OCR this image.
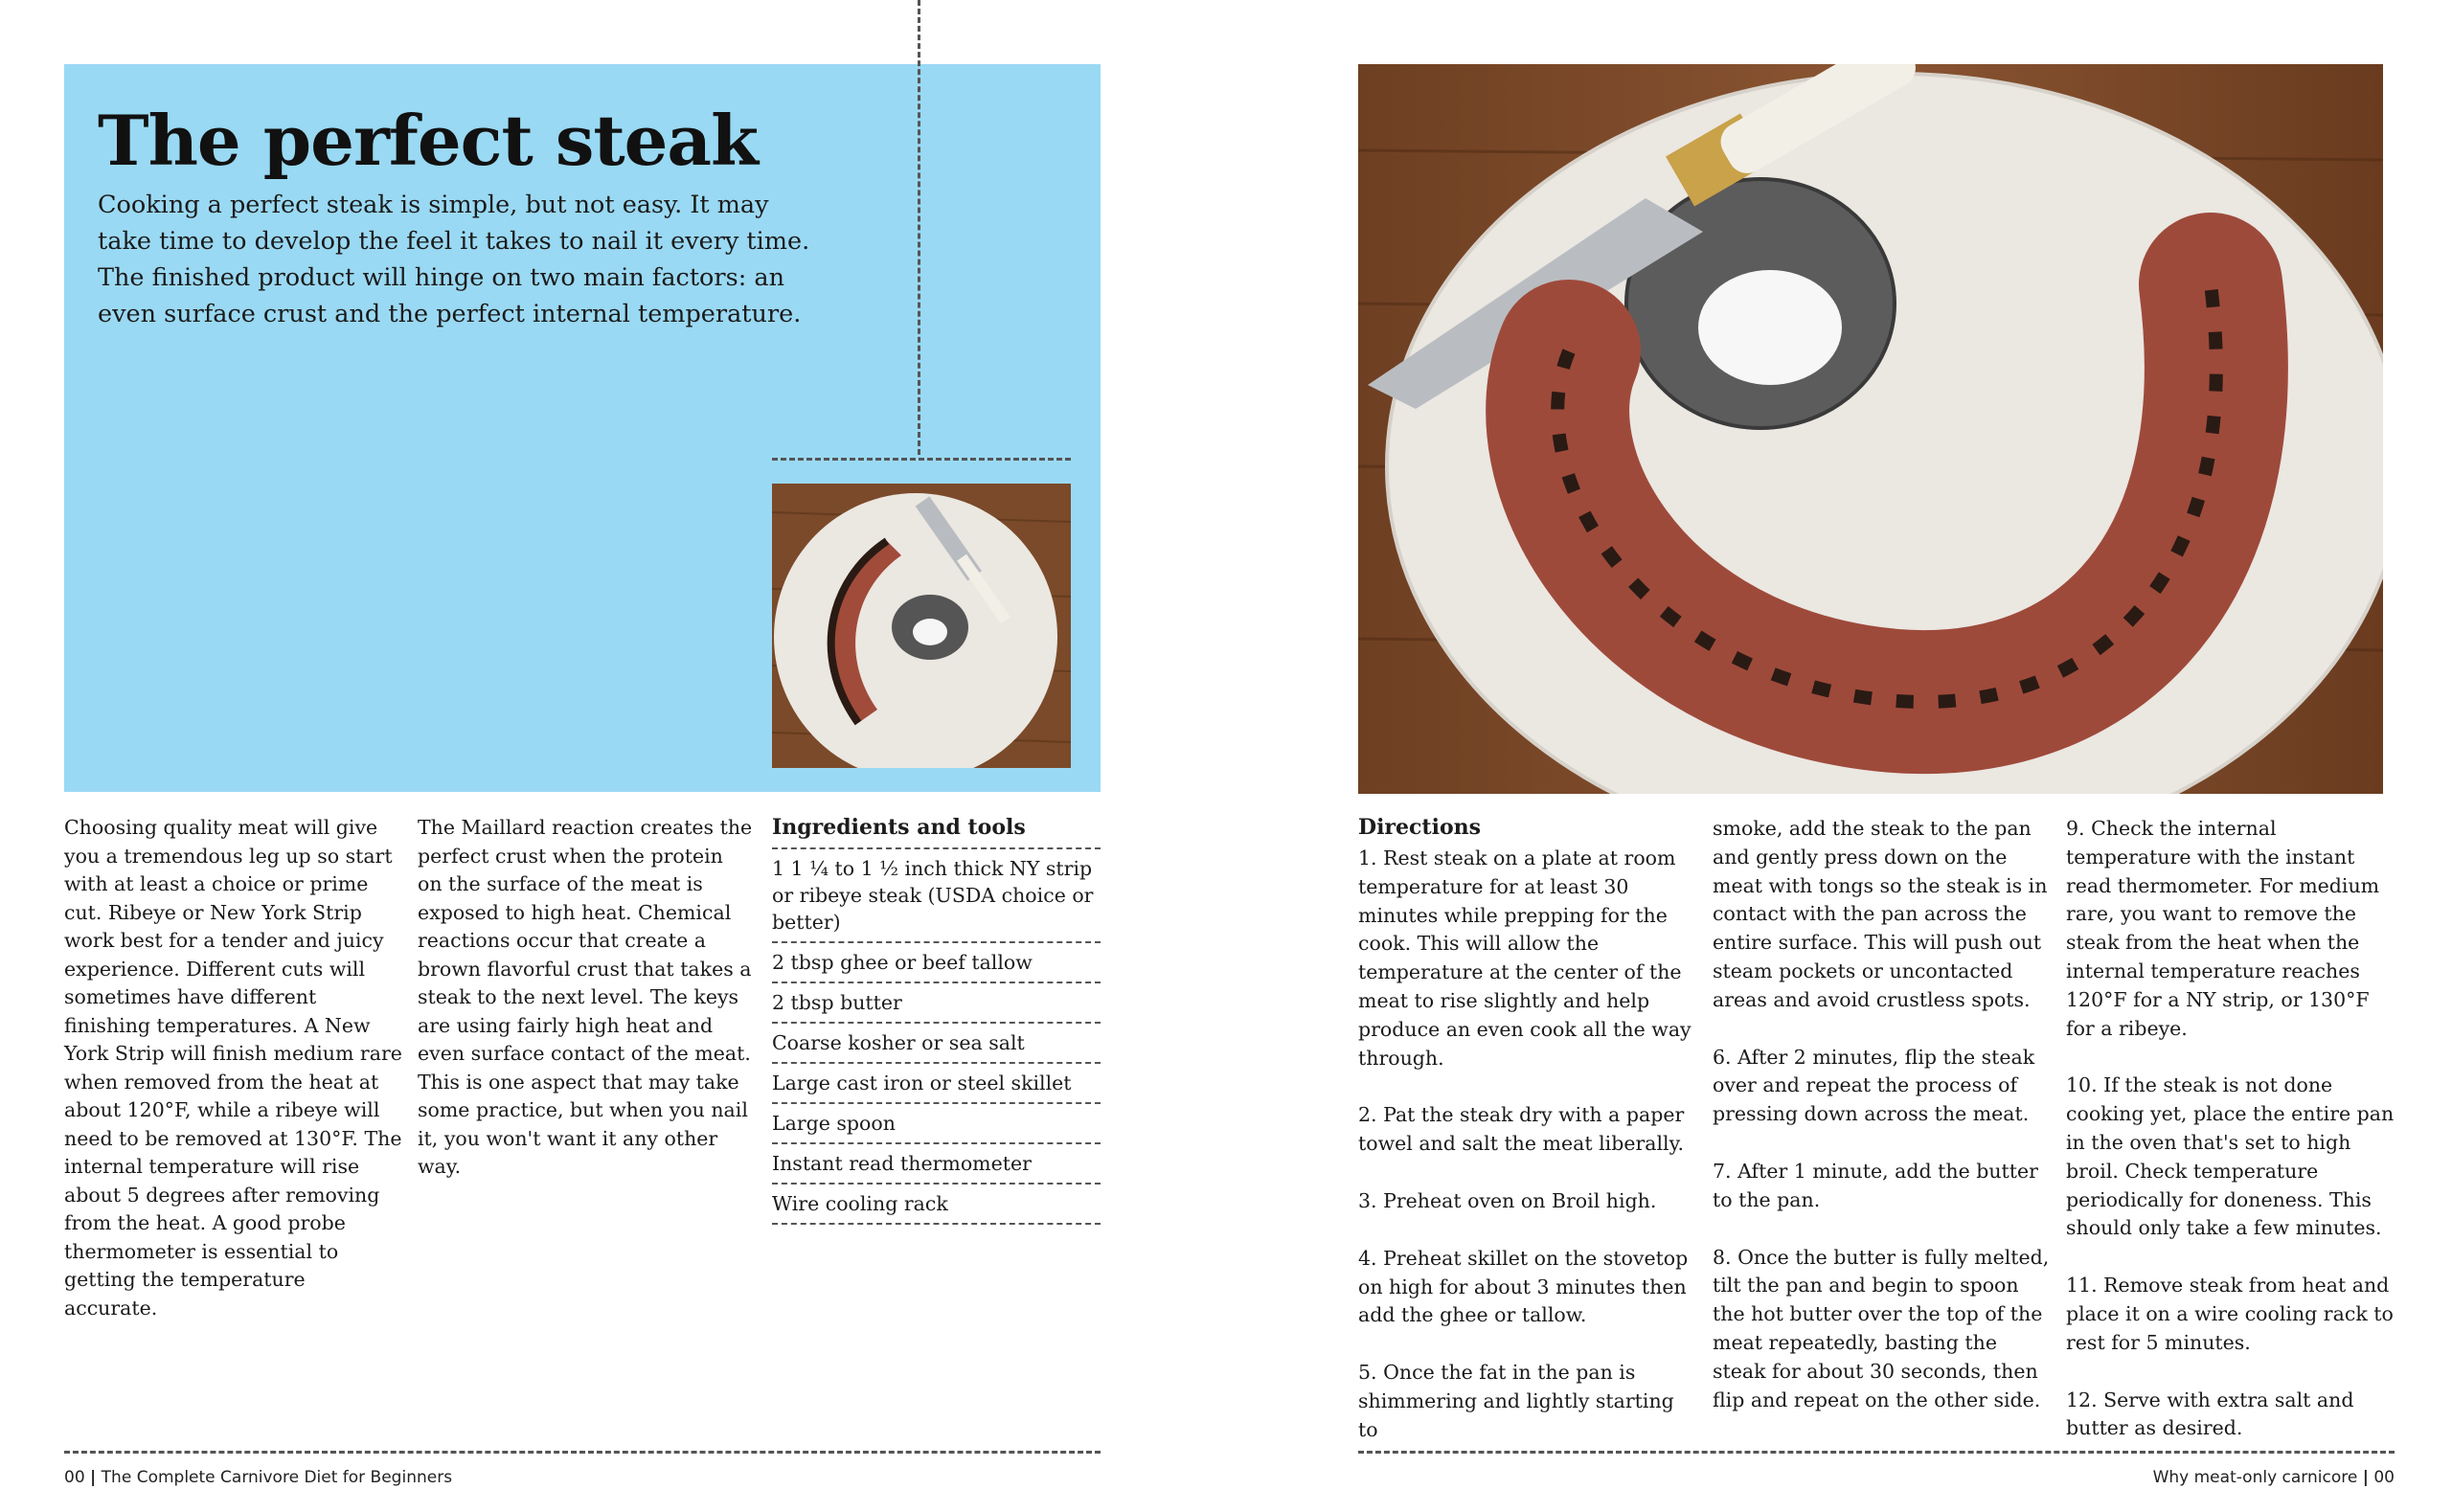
The perfect steak

Cooking a perfect steak is simple, but not easy. It may take time to develop the feel it takes to nail it every time. The finished product will hinge on two main factors: an even surface crust and the perfect internal temperature.

Choosing quality meat will give you a tremendous leg up so start with at least a choice or prime cut. Ribeye or New York Strip work best for a tender and juicy experience. Different cuts will sometimes have different finishing temperatures. A New York Strip will finish medium rare when removed from the heat at about 120°F, while a ribeye will need to be removed at 130°F. The internal temperature will rise about 5 degrees after removing from the heat. A good probe thermometer is essential to getting the temperature accurate.

The Maillard reaction creates the perfect crust when the protein on the surface of the meat is exposed to high heat. Chemical reactions occur that create a brown flavorful crust that takes a steak to the next level. The keys are using fairly high heat and even surface contact of the meat. This is one aspect that may take some practice, but when you nail it, you won't want it any other way.

Ingredients and tools
1 1 ¼ to 1 ½ inch thick NY strip or ribeye steak (USDA choice or better)
2 tbsp ghee or beef tallow
2 tbsp butter
Coarse kosher or sea salt
Large cast iron or steel skillet
Large spoon
Instant read thermometer
Wire cooling rack
00 | The Complete Carnivore Diet for Beginners
Directions

1. Rest steak on a plate at room temperature for at least 30 minutes while prepping for the cook. This will allow the temperature at the center of the meat to rise slightly and help produce an even cook all the way through.

2. Pat the steak dry with a paper towel and salt the meat liberally.

3. Preheat oven on Broil high.

4. Preheat skillet on the stovetop on high for about 3 minutes then add the ghee or tallow.

5. Once the fat in the pan is shimmering and lightly starting to

smoke, add the steak to the pan and gently press down on the meat with tongs so the steak is in contact with the pan across the entire surface. This will push out steam pockets or uncontacted areas and avoid crustless spots.

6. After 2 minutes, flip the steak over and repeat the process of pressing down across the meat.

7. After 1 minute, add the butter to the pan.

8. Once the butter is fully melted, tilt the pan and begin to spoon the hot butter over the top of the meat repeatedly, basting the steak for about 30 seconds, then flip and repeat on the other side.

9. Check the internal temperature with the instant read thermometer. For medium rare, you want to remove the steak from the heat when the internal temperature reaches 120°F for a NY strip, or 130°F for a ribeye.

10. If the steak is not done cooking yet, place the entire pan in the oven that's set to high broil. Check temperature periodically for doneness. This should only take a few minutes.

11. Remove steak from heat and place it on a wire cooling rack to rest for 5 minutes.

12. Serve with extra salt and butter as desired.

Why meat-only carnicore | 00
